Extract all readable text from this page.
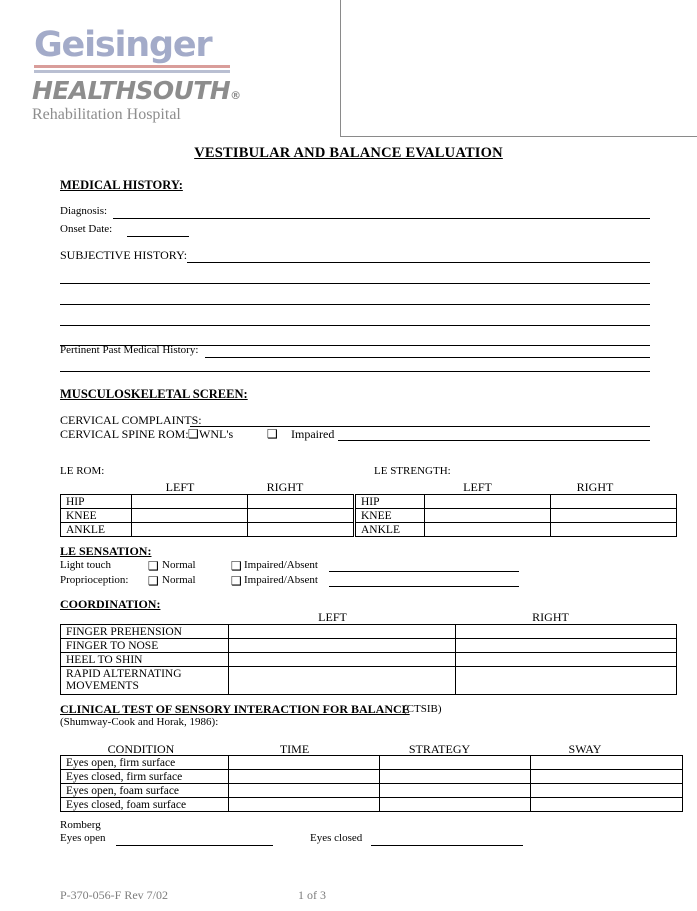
Geisinger
HEALTHSOUTH®
Rehabilitation Hospital
VESTIBULAR AND BALANCE EVALUATION
MEDICAL HISTORY:
Diagnosis:
Onset Date:
SUBJECTIVE HISTORY:
Pertinent Past Medical History:
MUSCULOSKELETAL SCREEN:
CERVICAL COMPLAINTS:
CERVICAL SPINE ROM: ❑ WNL's	❑ Impaired
LE ROM:
LEFT	RIGHT
HIP		
KNEE		
ANKLE		
LE STRENGTH:
LEFT	RIGHT
HIP		
KNEE		
ANKLE		
LE SENSATION:
Light touch	❑ Normal	❑ Impaired/Absent
Proprioception: ❑ Normal	❑ Impaired/Absent
COORDINATION:
LEFT	RIGHT
FINGER PREHENSION		
FINGER TO NOSE		
HEEL TO SHIN		
RAPID ALTERNATING MOVEMENTS		
CLINICAL TEST OF SENSORY INTERACTION FOR BALANCE
(CTSIB)
(Shumway-Cook and Horak, 1986):
CONDITION	TIME	STRATEGY	SWAY
Eyes open, firm surface			
Eyes closed, firm surface			
Eyes open, foam surface			
Eyes closed, foam surface			
Romberg
Eyes open	Eyes closed
P-370-056-F Rev 7/02	1 of 3
